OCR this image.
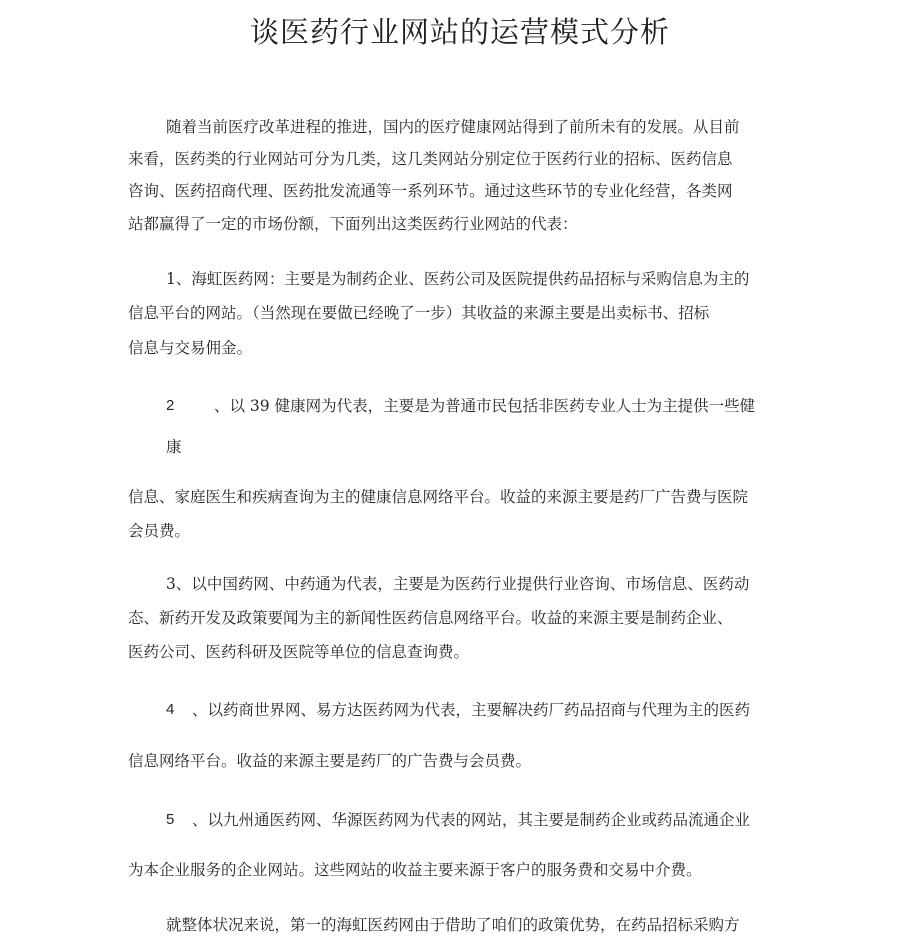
谈医药行业网站的运营模式分析
随着当前医疗改革进程的推进，国内的医疗健康网站得到了前所未有的发展。从目前
来看，医药类的行业网站可分为几类，这几类网站分别定位于医药行业的招标、医药信息
咨询、医药招商代理、医药批发流通等一系列环节。通过这些环节的专业化经营，各类网
站都赢得了一定的市场份额，下面列出这类医药行业网站的代表：
1、海虹医药网：主要是为制药企业、医药公司及医院提供药品招标与采购信息为主的
信息平台的网站。（当然现在要做已经晚了一步）其收益的来源主要是出卖标书、招标
信息与交易佣金。
2	、以 39 健康网为代表，主要是为普通市民包括非医药专业人士为主提供一些健
康
信息、家庭医生和疾病查询为主的健康信息网络平台。收益的来源主要是药厂广告费与医院
会员费。
3、以中国药网、中药通为代表，主要是为医药行业提供行业咨询、市场信息、医药动
态、新药开发及政策要闻为主的新闻性医药信息网络平台。收益的来源主要是制药企业、
医药公司、医药科研及医院等单位的信息查询费。
4 、以药商世界网、易方达医药网为代表，主要解决药厂药品招商与代理为主的医药
信息网络平台。收益的来源主要是药厂的广告费与会员费。
5 、以九州通医药网、华源医药网为代表的网站，其主要是制药企业或药品流通企业
为本企业服务的企业网站。这些网站的收益主要来源于客户的服务费和交易中介费。
就整体状况来说，第一的海虹医药网由于借助了咱们的政策优势，在药品招标采购方
